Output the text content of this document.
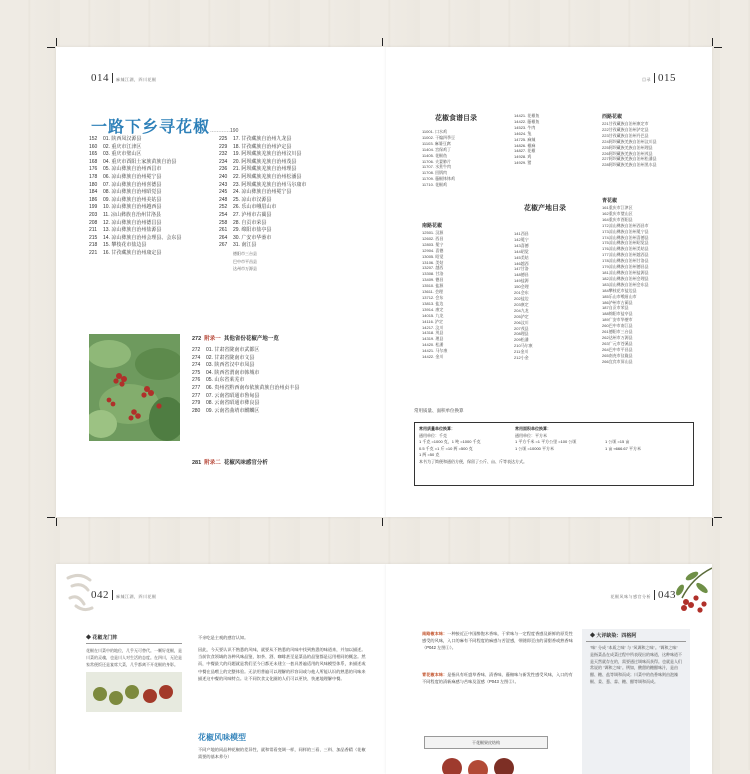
014 麻辣江湖，四川花椒
一路下乡寻花椒…………190
152 01. 陕西凤汉源县
160 02. 重庆市江津区
165 03. 重庆市璧山区
168 04. 重庆市酉阳土家族苗族自治县
176 05. 凉山彝族自治州西昌市
178 06. 凉山彝族自治州冕宁县
180 07. 凉山彝族自治州喜德县
184 08. 凉山彝族自治州昭觉县
186 09. 凉山彝族自治州美姑县
199 10. 凉山彝族自治州越西县
203 11. 凉山彝族自治州甘洛县
208 12. 凉山彝族自治州德昌县
211 13. 凉山彝族自治州盐源县
215 14. 凉山彝族自治州会理县、会东县
218 15. 攀枝花市盐边县
221 16. 甘孜藏族自治州康定县
225 17. 甘孜藏族自治州九龙县
229 18. 甘孜藏族自治州泸定县
232 19. 阿坝藏族羌族自治州汶川县
234 20. 阿坝藏族羌族自治州茂县
236 21. 阿坝藏族羌族自治州理县
240 22. 阿坝藏族羌族自治州松潘县
243 23. 阿坝藏族羌族自治州马尔康市
245 24. 凉山彝族自治州冕宁县
248 25. 凉山市汉源县
252 26. 乐山市峨眉山市
254 27. 泸州市古蔺县
258 28. 自贡市荣县
261 29. 绵阳市盐亭县
264 30. 广安市华蓥市
267 31. 南江县
德阳市三台县
巴中市平昌县
达州市万源县
272 附录一 其他省份花椒产地一览
272 01. 甘肃省陇南市武都区
274 02. 甘肃省陇南市文县
274 03. 陕西省汉中市凤县
275 04. 陕西省渭南市韩城市
276 05. 山东省莱芜市
277 06. 贵州省黔西南布依族苗族自治州贞丰县
277 07. 云南省昭通市鲁甸县
279 08. 云南省昭通市彝良县
280 09. 云南省曲靖市麒麟区
281 附录二 花椒风味感官分析
目录 015
花椒食谱目录
11001. 口水鸡
11002. 干煸四季豆
11103. 麻婆豆腐
11404. 宫保鸡丁
11405. 花椒鱼
11706. 夫妻肺片
11707. 水煮牛肉
11708. 回锅肉
11709. 藤椒钵钵鸡
11710. 花椒鸡
14421. 花椒鱼
14422. 藤椒鱼
14523. 牛肉
14624. 兔
14725. 麻辣
14826. 椒麻
14827. 花椒
14928. 鸡
14929. 猪
花椒产地目录
南路花椒
12501. 汉源
12602. 西昌
12803. 冕宁
12904. 喜德
13005. 昭觉
13106. 美姑
13207. 越西
13308. 甘洛
13409. 德昌
13510. 盐源
13611. 会理
13712. 会东
13813. 盐边
13914. 康定
14015. 九龙
14116. 泸定
14217. 汶川
14318. 茂县
14319. 理县
14420. 松潘
14421. 马尔康
14422. 金川
141西昌
142冕宁
143喜德
144昭觉
145美姑
146越西
147甘洛
148德昌
149盐源
150会理
201会东
202盐边
203康定
204九龙
205泸定
206汶川
207茂县
208理县
209松潘
210马尔康
211金川
212小金
西路花椒
221甘孜藏族自治州康定市
222甘孜藏族自治州泸定县
223甘孜藏族自治州丹巴县
224阿坝藏族羌族自治州汶川县
225阿坝藏族羌族自治州理县
226阿坝藏族羌族自治州茂县
227阿坝藏族羌族自治州松潘县
228阿坝藏族羌族自治州黑水县
青花椒
161重庆市江津区
162重庆市璧山区
164重庆市酉阳县
172凉山彝族自治州西昌市
173凉山彝族自治州冕宁县
174凉山彝族自治州喜德县
175凉山彝族自治州昭觉县
176凉山彝族自治州美姑县
177凉山彝族自治州越西县
178凉山彝族自治州甘洛县
179凉山彝族自治州德昌县
181凉山彝族自治州盐源县
182凉山彝族自治州会理县
183凉山彝族自治州会东县
184攀枝花市盐边县
185乐山市峨眉山市
186泸州市古蔺县
187自贡市荣县
188绵阳市盐亭县
189广安市华蓥市
260巴中市南江县
261德阳市三台县
262达州市万源县
263广元市苍溪县
264巴中市平昌县
265南充市仪陇县
266宜宾市屏山县
常用质量、面积单位换算
常用质量单位换算：
通用单位：千克
1 千克 =1000 克，1 吨 =1000 千克
0.5 千克 =1 斤 =10 两 =500 克
1 两 =50 克
本书为了简便和通俗方便，保留了公斤、亩、斤等表达方式。
常用面积单位换算：
通用单位：平方米
1 平方千米 =1 平方公里 =100 公顷
1 公顷 =10000 平方米
1 公顷 =15 亩
1 亩 ≈666.67 平方米
042 麻辣江湖，四川花椒
◆ 花椒龙门阵
花椒在川菜中的地位，几乎无可替代。一颗好花椒，是川菜的灵魂，也是川人对生活的态度。在四川，无论是家常便饭还是宴席大菜，几乎都离不开花椒的身影。
不亲吃是主观的感官认知。
因此，今天要认识不熟悉的风味，就要从不熟悉的风味中找到熟悉的味道来，并加以描述。当前饮食领域的各种风味品鉴，如茶、酒、咖啡甚至是菜品的品鉴都是运用相同的概念。然而，中餐最大的问题就是我们至今日都还未建立一套具普遍适用的风味模型体系，来描述或中餐在品嚐上的完整体验。无法用普遍可以理解的形容词或与他人所能认识的熟悉的风味来描述这中餐的风味特点。让不同饮食文化圈的人们可以更快、快速地理解中餐。
花椒风味模型
不同产地的同品种花椒的差异性，就和常看变调一样，同样的三看、三料、加品香精（花椒需要的基本养分）
花椒风味与感官分析 043
南路椒本味：一种接近正中国醉饱木香味，于荣味与一定程度香感及新鲜的原发性感受的风味，入口的麻有不同程度的麻感与苦涩感，带随即至由的清甜香或熟香味（P042 左图①）。
青花椒本味：是指具有旺盛草香味、清香味、藤椒味与新发性感受风味，入口的有不同程度的清新麻感与苦味及涩感（P043 左图②）。
干花椒果皮结构
◆ 大评缺染：四格阿
"味" 分成 "本质之味" 与 "风调和之味"。"调和之味" 是指菜品在成菜过程中所表现出的味道，这种味道不是天然就存在的，需要通过调味而获得。也就是人们常说的 "调和之味"。例如，酸甜的糖醋味汁，是由醋、糖、盐等调和而成；川菜中的鱼香味则由泡辣椒、姜、葱、蒜、糖、醋等调和而成。
